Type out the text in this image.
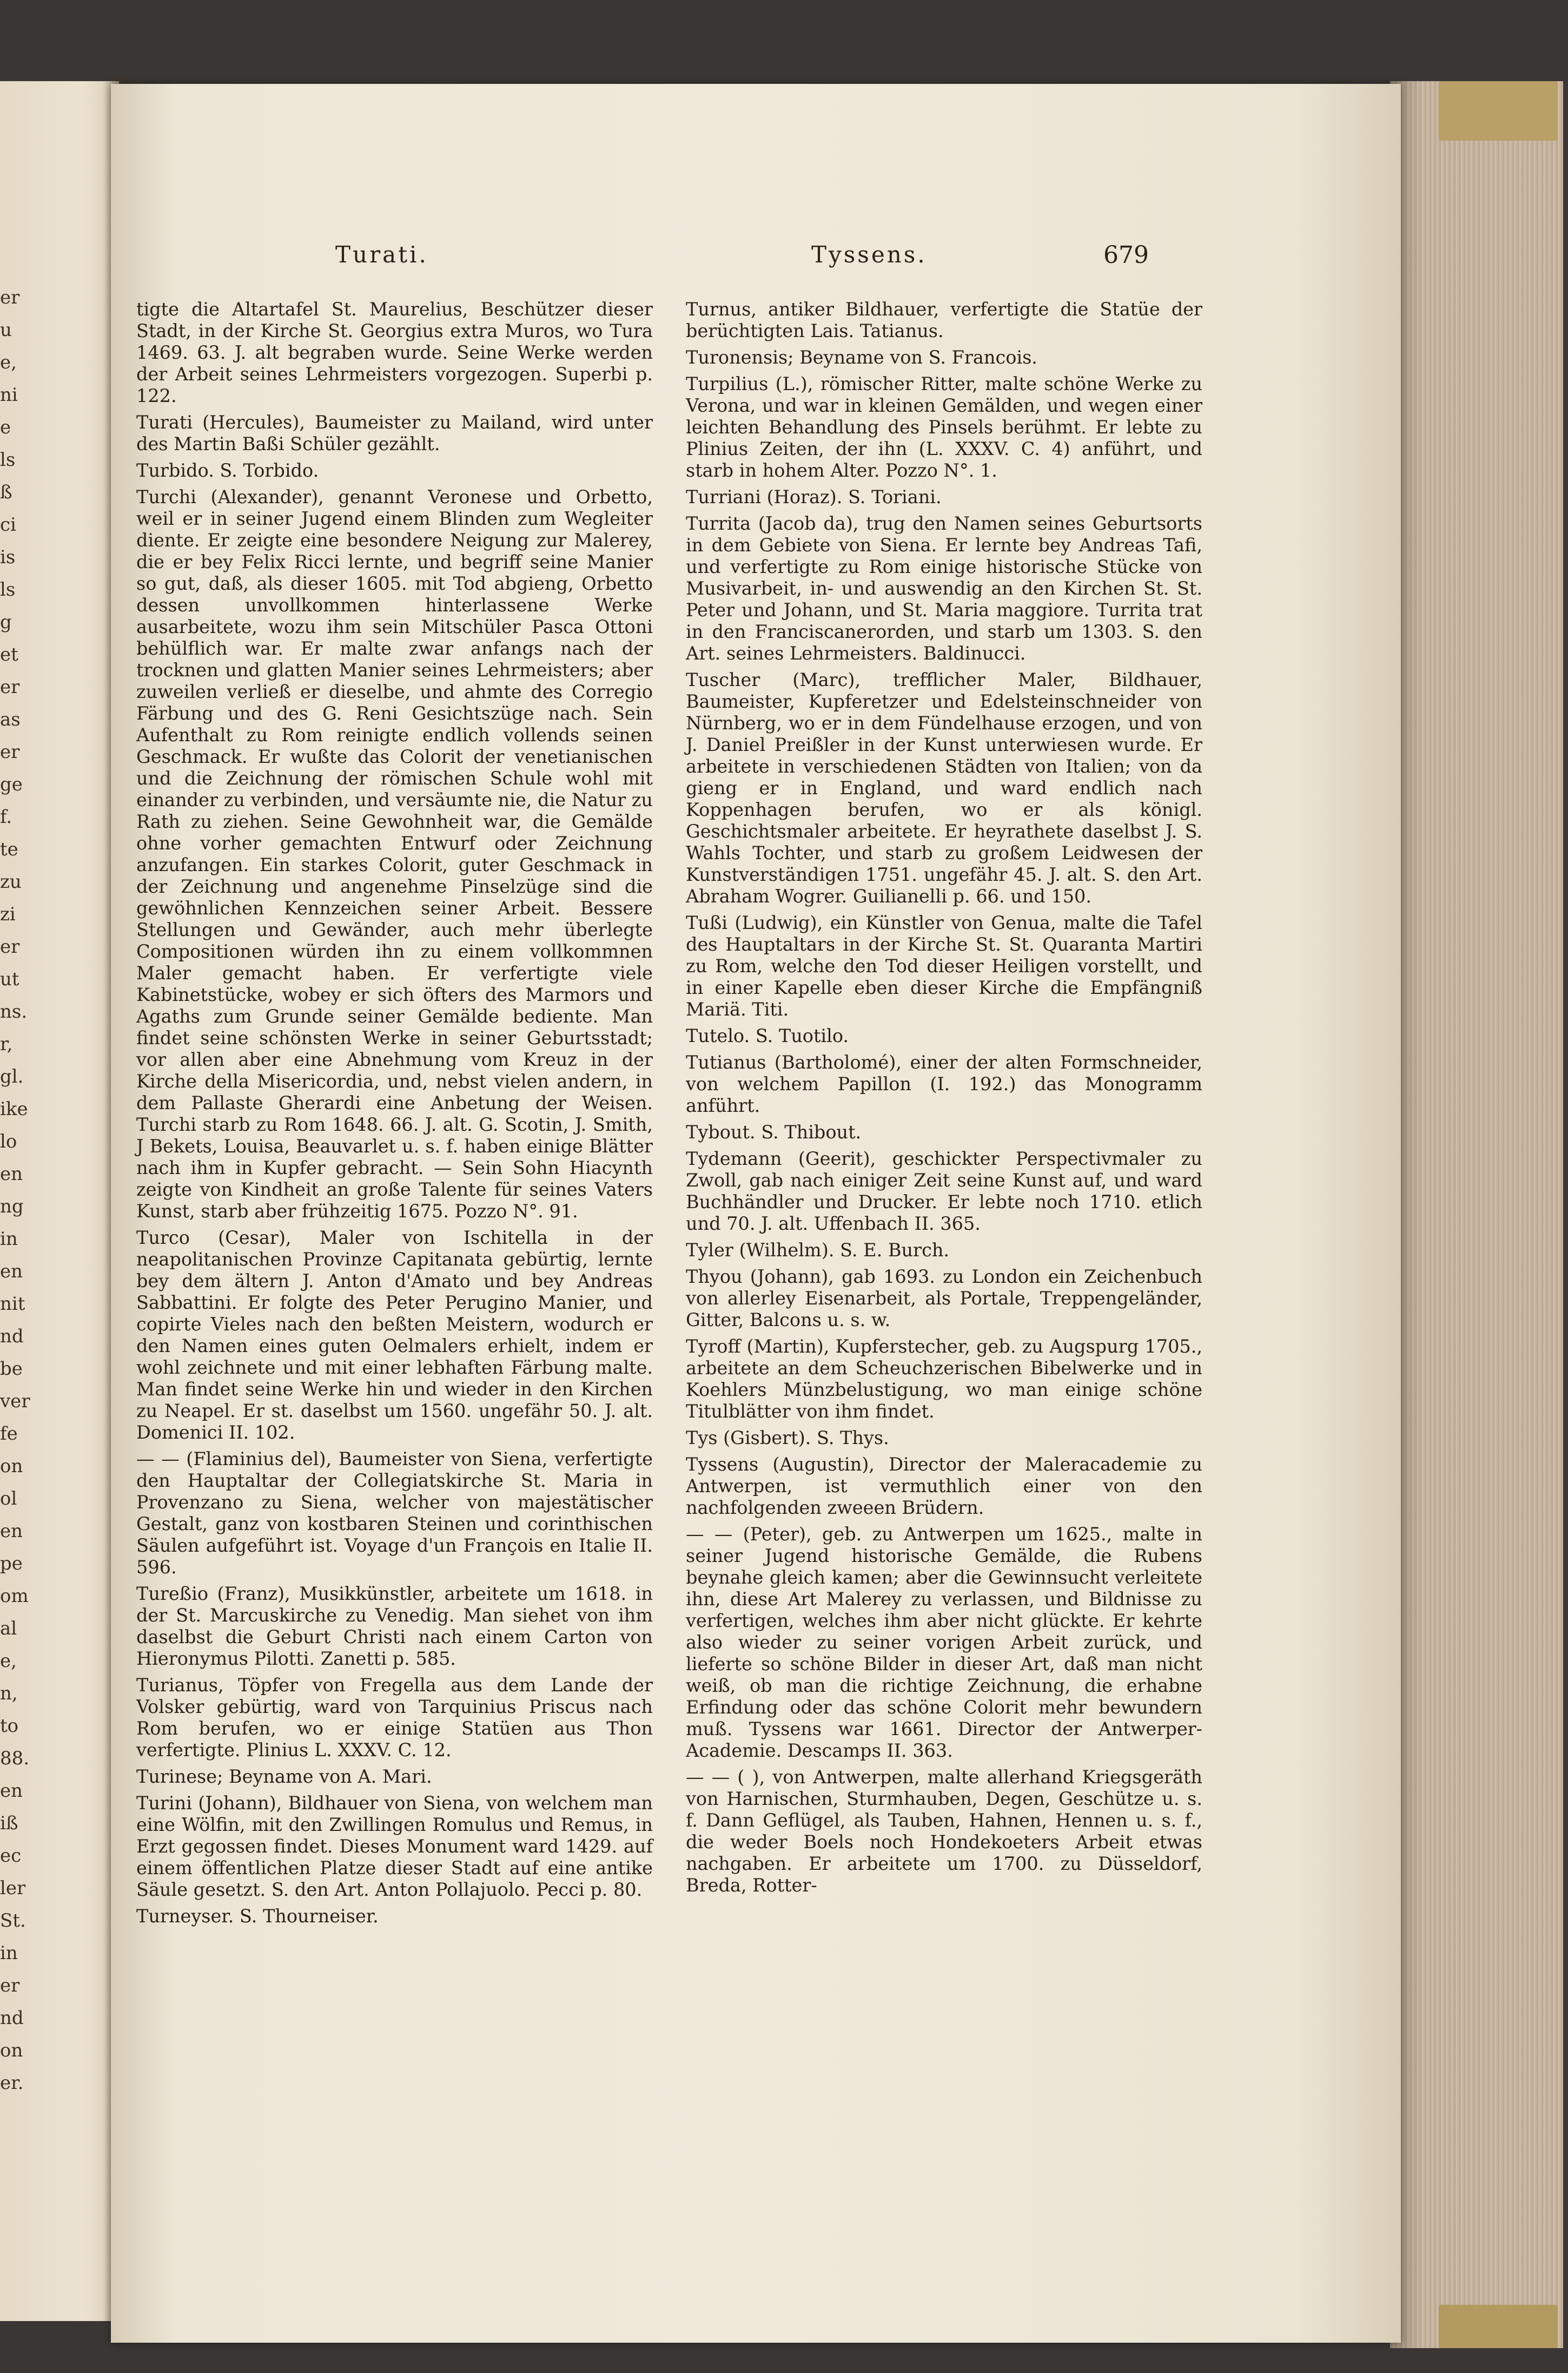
er
u
e,
ni
e
ls
ß
ci
is
ls
g
et
er
as
er
ge
f.
te
zu
zi
er
ut
ns.
r,
gl.
ike
lo
en
ng
in
en
nit
nd
be
ver
fe
on
ol
en
pe
om
al
e,
n,
to
88.
en
iß
ec
ler
St.
in
er
nd
on
er.
Turati.	Tyssens.	679

tigte die Altartafel St. Maurelius, Beschützer dieser Stadt, in der Kirche St. Georgius extra Muros, wo Tura 1469. 63. J. alt begraben wurde. Seine Werke werden der Arbeit seines Lehrmeisters vorgezogen. Superbi p. 122.

Turati (Hercules), Baumeister zu Mailand, wird unter des Martin Baßi Schüler gezählt.

Turbido. S. Torbido.

Turchi (Alexander), genannt Veronese und Orbetto, weil er in seiner Jugend einem Blinden zum Wegleiter diente. Er zeigte eine besondere Neigung zur Malerey, die er bey Felix Ricci lernte, und begriff seine Manier so gut, daß, als dieser 1605. mit Tod abgieng, Orbetto dessen unvollkommen hinterlassene Werke ausarbeitete, wozu ihm sein Mitschüler Pasca Ottoni behülflich war. Er malte zwar anfangs nach der trocknen und glatten Manier seines Lehrmeisters; aber zuweilen verließ er dieselbe, und ahmte des Corregio Färbung und des G. Reni Gesichtszüge nach. Sein Aufenthalt zu Rom reinigte endlich vollends seinen Geschmack. Er wußte das Colorit der venetianischen und die Zeichnung der römischen Schule wohl mit einander zu verbinden, und versäumte nie, die Natur zu Rath zu ziehen. Seine Gewohnheit war, die Gemälde ohne vorher gemachten Entwurf oder Zeichnung anzufangen. Ein starkes Colorit, guter Geschmack in der Zeichnung und angenehme Pinselzüge sind die gewöhnlichen Kennzeichen seiner Arbeit. Bessere Stellungen und Gewänder, auch mehr überlegte Compositionen würden ihn zu einem vollkommnen Maler gemacht haben. Er verfertigte viele Kabinetstücke, wobey er sich öfters des Marmors und Agaths zum Grunde seiner Gemälde bediente. Man findet seine schönsten Werke in seiner Geburtsstadt; vor allen aber eine Abnehmung vom Kreuz in der Kirche della Misericordia, und, nebst vielen andern, in dem Pallaste Gherardi eine Anbetung der Weisen. Turchi starb zu Rom 1648. 66. J. alt. G. Scotin, J. Smith, J Bekets, Louisa, Beauvarlet u. s. f. haben einige Blätter nach ihm in Kupfer gebracht. — Sein Sohn Hiacynth zeigte von Kindheit an große Talente für seines Vaters Kunst, starb aber frühzeitig 1675. Pozzo N°. 91.

Turco (Cesar), Maler von Ischitella in der neapolitanischen Provinze Capitanata gebürtig, lernte bey dem ältern J. Anton d'Amato und bey Andreas Sabbattini. Er folgte des Peter Perugino Manier, und copirte Vieles nach den beßten Meistern, wodurch er den Namen eines guten Oelmalers erhielt, indem er wohl zeichnete und mit einer lebhaften Färbung malte. Man findet seine Werke hin und wieder in den Kirchen zu Neapel. Er st. daselbst um 1560. ungefähr 50. J. alt. Domenici II. 102.

— — (Flaminius del), Baumeister von Siena, verfertigte den Hauptaltar der Collegiatskirche St. Maria in Provenzano zu Siena, welcher von majestätischer Gestalt, ganz von kostbaren Steinen und corinthischen Säulen aufgeführt ist. Voyage d'un François en Italie II. 596.

Tureßio (Franz), Musikkünstler, arbeitete um 1618. in der St. Marcuskirche zu Venedig. Man siehet von ihm daselbst die Geburt Christi nach einem Carton von Hieronymus Pilotti. Zanetti p. 585.

Turianus, Töpfer von Fregella aus dem Lande der Volsker gebürtig, ward von Tarquinius Priscus nach Rom berufen, wo er einige Statüen aus Thon verfertigte. Plinius L. XXXV. C. 12.

Turinese; Beyname von A. Mari.

Turini (Johann), Bildhauer von Siena, von welchem man eine Wölfin, mit den Zwillingen Romulus und Remus, in Erzt gegossen findet. Dieses Monument ward 1429. auf einem öffentlichen Platze dieser Stadt auf eine antike Säule gesetzt. S. den Art. Anton Pollajuolo. Pecci p. 80.

Turneyser. S. Thourneiser.

Turnus, antiker Bildhauer, verfertigte die Statüe der berüchtigten Lais. Tatianus.

Turonensis; Beyname von S. Francois.

Turpilius (L.), römischer Ritter, malte schöne Werke zu Verona, und war in kleinen Gemälden, und wegen einer leichten Behandlung des Pinsels berühmt. Er lebte zu Plinius Zeiten, der ihn (L. XXXV. C. 4) anführt, und starb in hohem Alter. Pozzo N°. 1.

Turriani (Horaz). S. Toriani.

Turrita (Jacob da), trug den Namen seines Geburtsorts in dem Gebiete von Siena. Er lernte bey Andreas Tafi, und verfertigte zu Rom einige historische Stücke von Musivarbeit, in- und auswendig an den Kirchen St. St. Peter und Johann, und St. Maria maggiore. Turrita trat in den Franciscanerorden, und starb um 1303. S. den Art. seines Lehrmeisters. Baldinucci.

Tuscher (Marc), trefflicher Maler, Bildhauer, Baumeister, Kupferetzer und Edelsteinschneider von Nürnberg, wo er in dem Fündelhause erzogen, und von J. Daniel Preißler in der Kunst unterwiesen wurde. Er arbeitete in verschiedenen Städten von Italien; von da gieng er in England, und ward endlich nach Koppenhagen berufen, wo er als königl. Geschichtsmaler arbeitete. Er heyrathete daselbst J. S. Wahls Tochter, und starb zu großem Leidwesen der Kunstverständigen 1751. ungefähr 45. J. alt. S. den Art. Abraham Wogrer. Guilianelli p. 66. und 150.

Tußi (Ludwig), ein Künstler von Genua, malte die Tafel des Hauptaltars in der Kirche St. St. Quaranta Martiri zu Rom, welche den Tod dieser Heiligen vorstellt, und in einer Kapelle eben dieser Kirche die Empfängniß Mariä. Titi.

Tutelo. S. Tuotilo.

Tutianus (Bartholomé), einer der alten Formschneider, von welchem Papillon (I. 192.) das Monogramm anführt.

Tybout. S. Thibout.

Tydemann (Geerit), geschickter Perspectivmaler zu Zwoll, gab nach einiger Zeit seine Kunst auf, und ward Buchhändler und Drucker. Er lebte noch 1710. etlich und 70. J. alt. Uffenbach II. 365.

Tyler (Wilhelm). S. E. Burch.

Thyou (Johann), gab 1693. zu London ein Zeichenbuch von allerley Eisenarbeit, als Portale, Treppengeländer, Gitter, Balcons u. s. w.

Tyroff (Martin), Kupferstecher, geb. zu Augspurg 1705., arbeitete an dem Scheuchzerischen Bibelwerke und in Koehlers Münzbelustigung, wo man einige schöne Titulblätter von ihm findet.

Tys (Gisbert). S. Thys.

Tyssens (Augustin), Director der Maleracademie zu Antwerpen, ist vermuthlich einer von den nachfolgenden zweeen Brüdern.

— — (Peter), geb. zu Antwerpen um 1625., malte in seiner Jugend historische Gemälde, die Rubens beynahe gleich kamen; aber die Gewinnsucht verleitete ihn, diese Art Malerey zu verlassen, und Bildnisse zu verfertigen, welches ihm aber nicht glückte. Er kehrte also wieder zu seiner vorigen Arbeit zurück, und lieferte so schöne Bilder in dieser Art, daß man nicht weiß, ob man die richtige Zeichnung, die erhabne Erfindung oder das schöne Colorit mehr bewundern muß. Tyssens war 1661. Director der Antwerper-Academie. Descamps II. 363.

— — ( ), von Antwerpen, malte allerhand Kriegsgeräth von Harnischen, Sturmhauben, Degen, Geschütze u. s. f. Dann Geflügel, als Tauben, Hahnen, Hennen u. s. f., die weder Boels noch Hondekoeters Arbeit etwas nachgaben. Er arbeitete um 1700. zu Düsseldorf, Breda, Rotter-
